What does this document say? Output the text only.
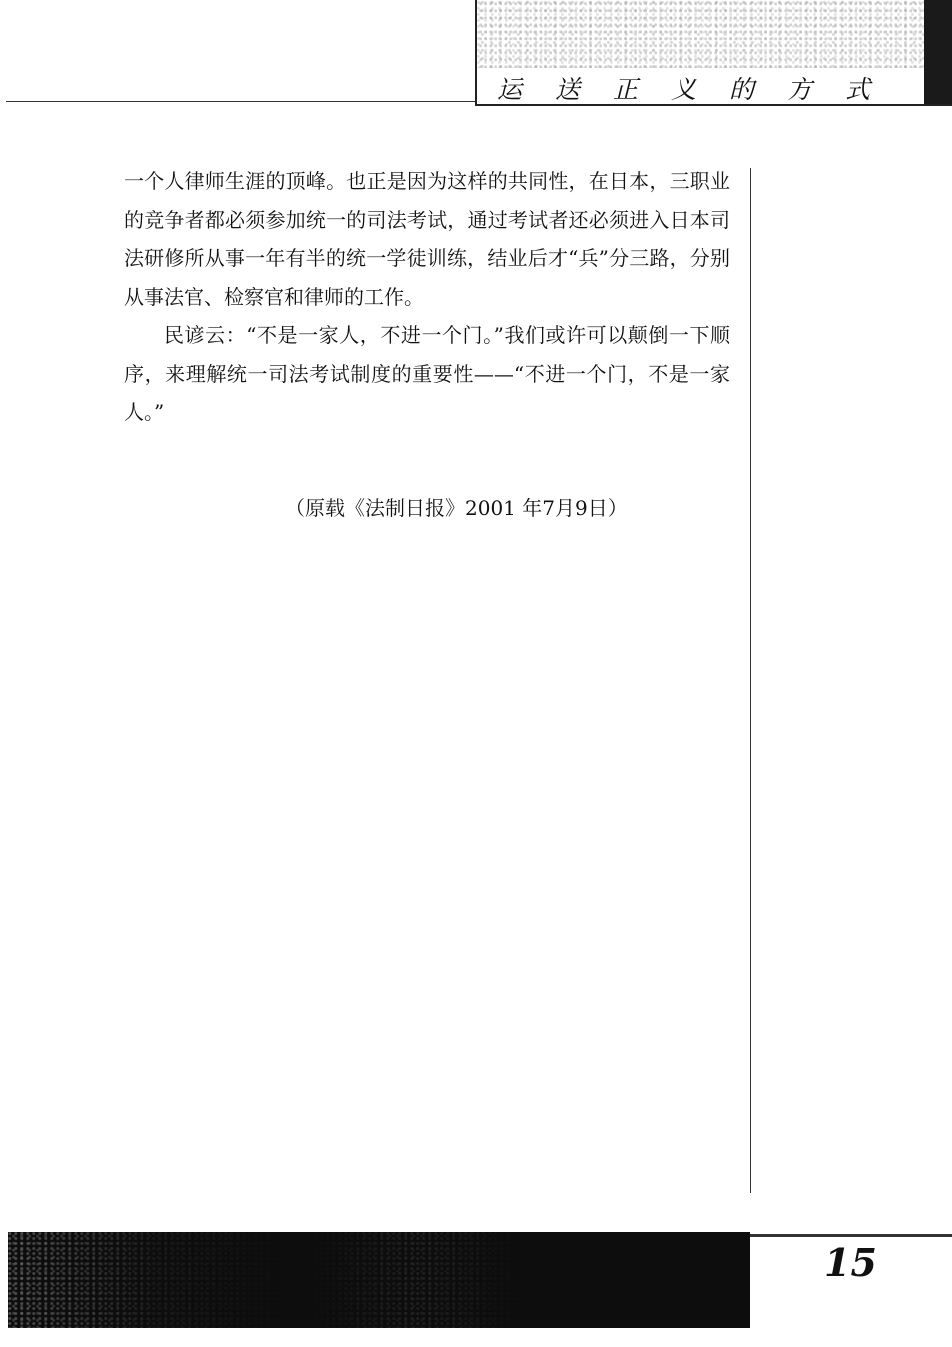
运送正义的方式

一个人律师生涯的顶峰。也正是因为这样的共同性，在日本，三职业的竞争者都必须参加统一的司法考试，通过考试者还必须进入日本司法研修所从事一年有半的统一学徒训练，结业后才“兵”分三路，分别从事法官、检察官和律师的工作。

民谚云：“不是一家人，不进一个门。”我们或许可以颠倒一下顺序，来理解统一司法考试制度的重要性——“不进一个门，不是一家人。”

（原载《法制日报》2001 年7月9日）
15
